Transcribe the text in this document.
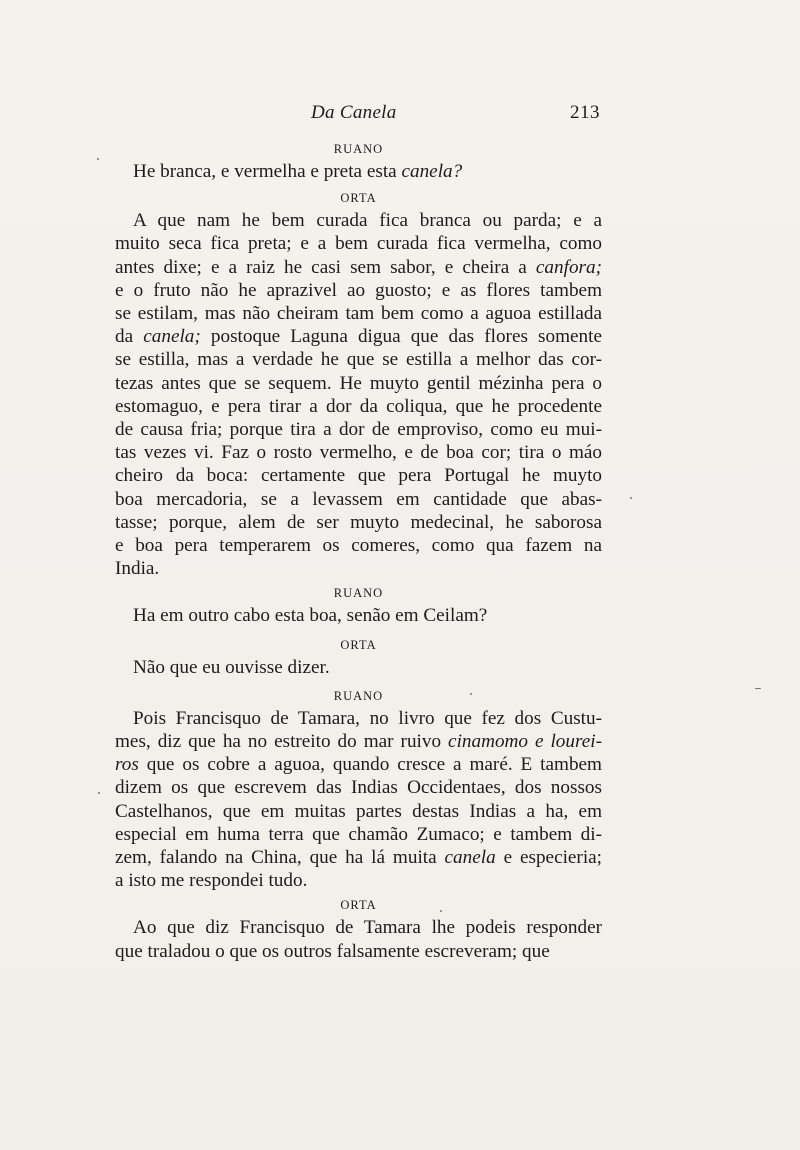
Da Canela	213
RUANO
He branca, e vermelha e preta esta canela?
ORTA
A que nam he bem curada fica branca ou parda; e a
muito seca fica preta; e a bem curada fica vermelha, como
antes dixe; e a raiz he casi sem sabor, e cheira a canfora;
e o fruto não he aprazivel ao guosto; e as flores tambem
se estilam, mas não cheiram tam bem como a aguoa estillada
da canela; postoque Laguna digua que das flores somente
se estilla, mas a verdade he que se estilla a melhor das cor-
tezas antes que se sequem. He muyto gentil mézinha pera o
estomaguo, e pera tirar a dor da coliqua, que he procedente
de causa fria; porque tira a dor de emproviso, como eu mui-
tas vezes vi. Faz o rosto vermelho, e de boa cor; tira o máo
cheiro da boca: certamente que pera Portugal he muyto
boa mercadoria, se a levassem em cantidade que abas-
tasse; porque, alem de ser muyto medecinal, he saborosa
e boa pera temperarem os comeres, como qua fazem na
India.
RUANO
Ha em outro cabo esta boa, senão em Ceilam?
ORTA
Não que eu ouvisse dizer.
RUANO
Pois Francisquo de Tamara, no livro que fez dos Custu-
mes, diz que ha no estreito do mar ruivo cinamomo e lourei-
ros que os cobre a aguoa, quando cresce a maré. E tambem
dizem os que escrevem das Indias Occidentaes, dos nossos
Castelhanos, que em muitas partes destas Indias a ha, em
especial em huma terra que chamão Zumaco; e tambem di-
zem, falando na China, que ha lá muita canela e especieria;
a isto me respondei tudo.
ORTA
Ao que diz Francisquo de Tamara lhe podeis responder
que traladou o que os outros falsamente escreveram; que
